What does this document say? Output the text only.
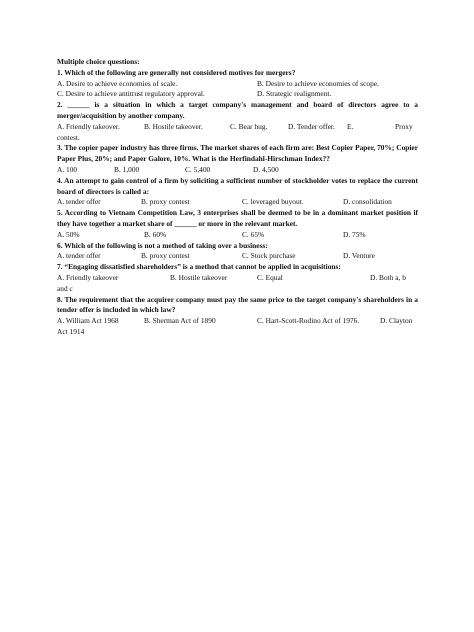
Multiple choice questions:
1. Which of the following are generally not considered motives for mergers?
A. Desire to achieve economies of scale.	B. Desire to achieve economies of scope.
C. Desire to achieve antitrust regulatory approval.	D. Strategic realignment.
2. ______ is a situation in which a target company's management and board of directors agree to a merger/acquisition by another company.
A. Friendly takeover.	B. Hostile takeover.	C. Bear hug.	D. Tender offer.	E.	Proxy
contest.
3. The copier paper industry has three firms. The market shares of each firm are: Best Copier Paper, 70%; Copier Paper Plus, 20%; and Paper Galore, 10%. What is the Herfindahl-Hirschman Index??
A. 100	B. 1,000	C. 5,400	D. 4,500
4. An attempt to gain control of a firm by soliciting a sufficient number of stockholder votes to replace the current board of directors is called a:
A. tender offer	B. proxy contest	C. leveraged buyout.	D. consolidation
5. According to Vietnam Competition Law, 3 enterprises shall be deemed to be in a dominant market position if they have together a market share of ______ or more in the relevant market.
A. 50%	B. 60%	C. 65%	D. 75%
6. Which of the following is not a method of taking over a business:
A. tender offer	B. proxy contest	C. Stock purchase	D. Venture
7. “Engaging dissatisfied shareholders” is a method that cannot be applied in acquisitions:
A. Friendly takeover	B. Hostile takeover	C. Equal	D. Both a, b
and c
8. The requirement that the acquirer company must pay the same price to the target company's shareholders in a tender offer is included in which law?
A. William Act 1968	B. Sherman Act of 1890	C. Hart-Scott-Rodino Act of 1976.	D. Clayton
Act 1914
